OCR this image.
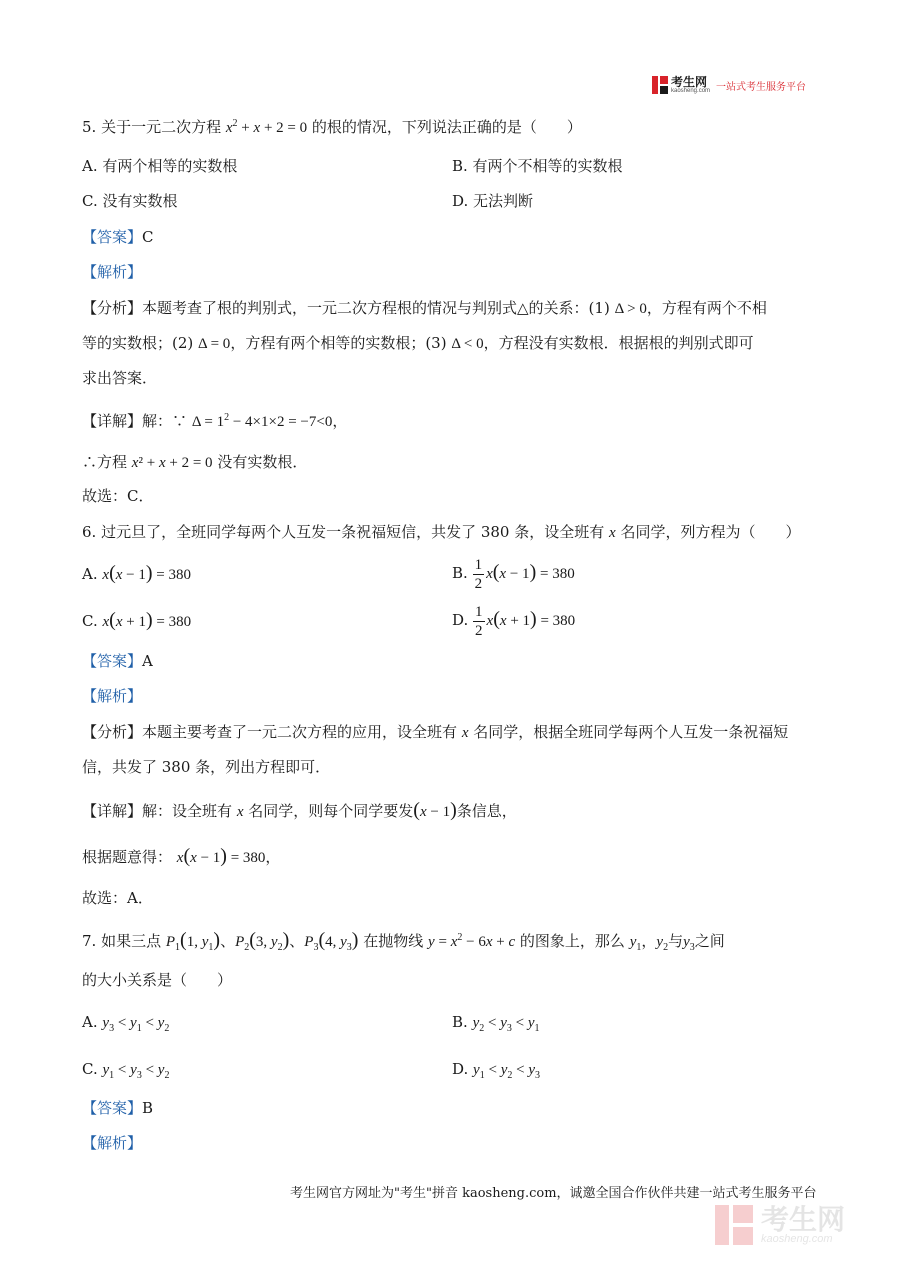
考生网
kaosheng.com 一站式考生服务平台
5. 关于一元二次方程 $x^2 + x + 2 = 0$ 的根的情况，下列说法正确的是（　　）
A. 有两个相等的实数根	B. 有两个不相等的实数根
C. 没有实数根	D. 无法判断
【答案】C
【解析】
【分析】本题考查了根的判别式，一元二次方程根的情况与判别式△的关系：(1) Δ > 0，方程有两个不相
等的实数根；(2) Δ = 0，方程有两个相等的实数根；(3) Δ < 0，方程没有实数根．根据根的判别式即可
求出答案．
【详解】解：∵ $\Delta = 1^2 - 4\times 1\times 2 = -7<0$，
∴方程 x² + x + 2 = 0 没有实数根．
故选：C．
6. 过元旦了，全班同学每两个人互发一条祝福短信，共发了 380 条，设全班有 x 名同学，列方程为（　　）
A. x(x − 1) = 380	B. $\frac{1}{2} x(x - 1) = 380$
C. x(x + 1) = 380	D. $\frac{1}{2} x(x + 1) = 380$
【答案】A
【解析】
【分析】本题主要考查了一元二次方程的应用，设全班有 x 名同学，根据全班同学每两个人互发一条祝福短
信，共发了 380 条，列出方程即可．
【详解】解：设全班有 x 名同学，则每个同学要发(x − 1)条信息，
根据题意得： x(x − 1) = 380，
故选：A．
7. 如果三点 $P_1(1$, $y_1$)、$P_2(3$, $y_2$)、$P_3(4$, $y_3$) 在抛物线 $y = x^2 - 6x + c$ 的图象上，那么 $y_1$，$y_2$与$y_3$之间
的大小关系是（　　）
A. $y_3 < y_1 < y_2$	B. $y_2 < y_3 < y_1$
C. $y_1 < y_3 < y_2$	D. $y_1 < y_2 < y_3$
【答案】B
【解析】
考生网官方网址为"考生"拼音 kaosheng.com，诚邀全国合作伙伴共建一站式考生服务平台
考生网
kaosheng.com
